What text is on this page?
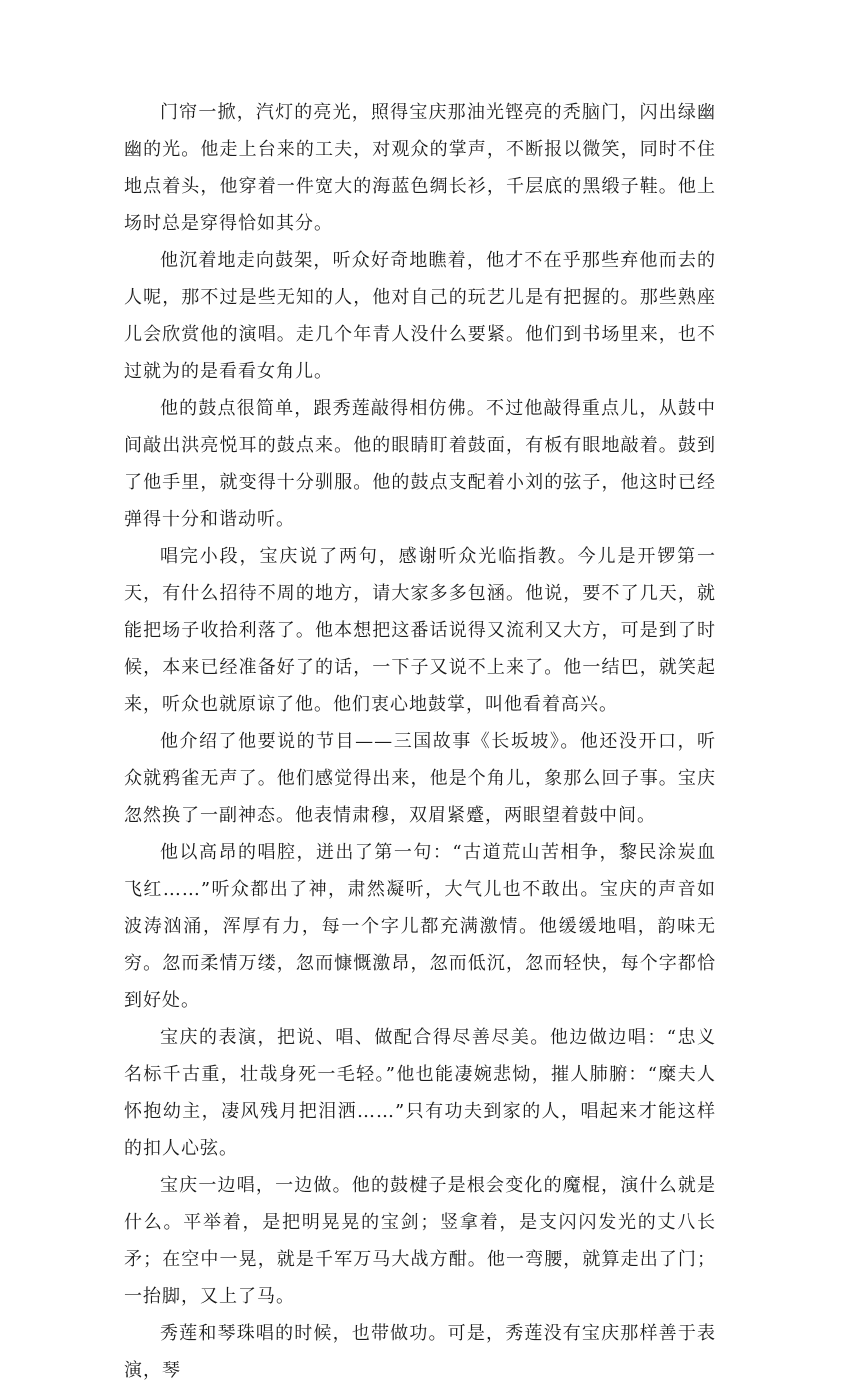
门帘一掀，汽灯的亮光，照得宝庆那油光铿亮的秃脑门，闪出绿幽幽的光。他走上台来的工夫，对观众的掌声，不断报以微笑，同时不住地点着头，他穿着一件宽大的海蓝色绸长衫，千层底的黑缎子鞋。他上场时总是穿得恰如其分。

他沉着地走向鼓架，听众好奇地瞧着，他才不在乎那些弃他而去的人呢，那不过是些无知的人，他对自己的玩艺儿是有把握的。那些熟座儿会欣赏他的演唱。走几个年青人没什么要紧。他们到书场里来，也不过就为的是看看女角儿。

他的鼓点很简单，跟秀莲敲得相仿佛。不过他敲得重点儿，从鼓中间敲出洪亮悦耳的鼓点来。他的眼睛盯着鼓面，有板有眼地敲着。鼓到了他手里，就变得十分驯服。他的鼓点支配着小刘的弦子，他这时已经弹得十分和谐动听。

唱完小段，宝庆说了两句，感谢听众光临指教。今儿是开锣第一天，有什么招待不周的地方，请大家多多包涵。他说，要不了几天，就能把场子收拾利落了。他本想把这番话说得又流利又大方，可是到了时候，本来已经准备好了的话，一下子又说不上来了。他一结巴，就笑起来，听众也就原谅了他。他们衷心地鼓掌，叫他看着高兴。

他介绍了他要说的节目——三国故事《长坂坡》。他还没开口，听众就鸦雀无声了。他们感觉得出来，他是个角儿，象那么回子事。宝庆忽然换了一副神态。他表情肃穆，双眉紧蹙，两眼望着鼓中间。

他以高昂的唱腔，迸出了第一句：“古道荒山苦相争，黎民涂炭血飞红……”听众都出了神，肃然凝听，大气儿也不敢出。宝庆的声音如波涛汹涌，浑厚有力，每一个字儿都充满激情。他缓缓地唱，韵味无穷。忽而柔情万缕，忽而慷慨激昂，忽而低沉，忽而轻快，每个字都恰到好处。

宝庆的表演，把说、唱、做配合得尽善尽美。他边做边唱：“忠义名标千古重，壮哉身死一毛轻。”他也能凄婉悲恸，摧人肺腑：“糜夫人怀抱幼主，凄风残月把泪洒……”只有功夫到家的人，唱起来才能这样的扣人心弦。

宝庆一边唱，一边做。他的鼓楗子是根会变化的魔棍，演什么就是什么。平举着，是把明晃晃的宝剑；竖拿着，是支闪闪发光的丈八长矛；在空中一晃，就是千军万马大战方酣。他一弯腰，就算走出了门；一抬脚，又上了马。

秀莲和琴珠唱的时候，也带做功。可是，秀莲没有宝庆那样善于表演，琴
